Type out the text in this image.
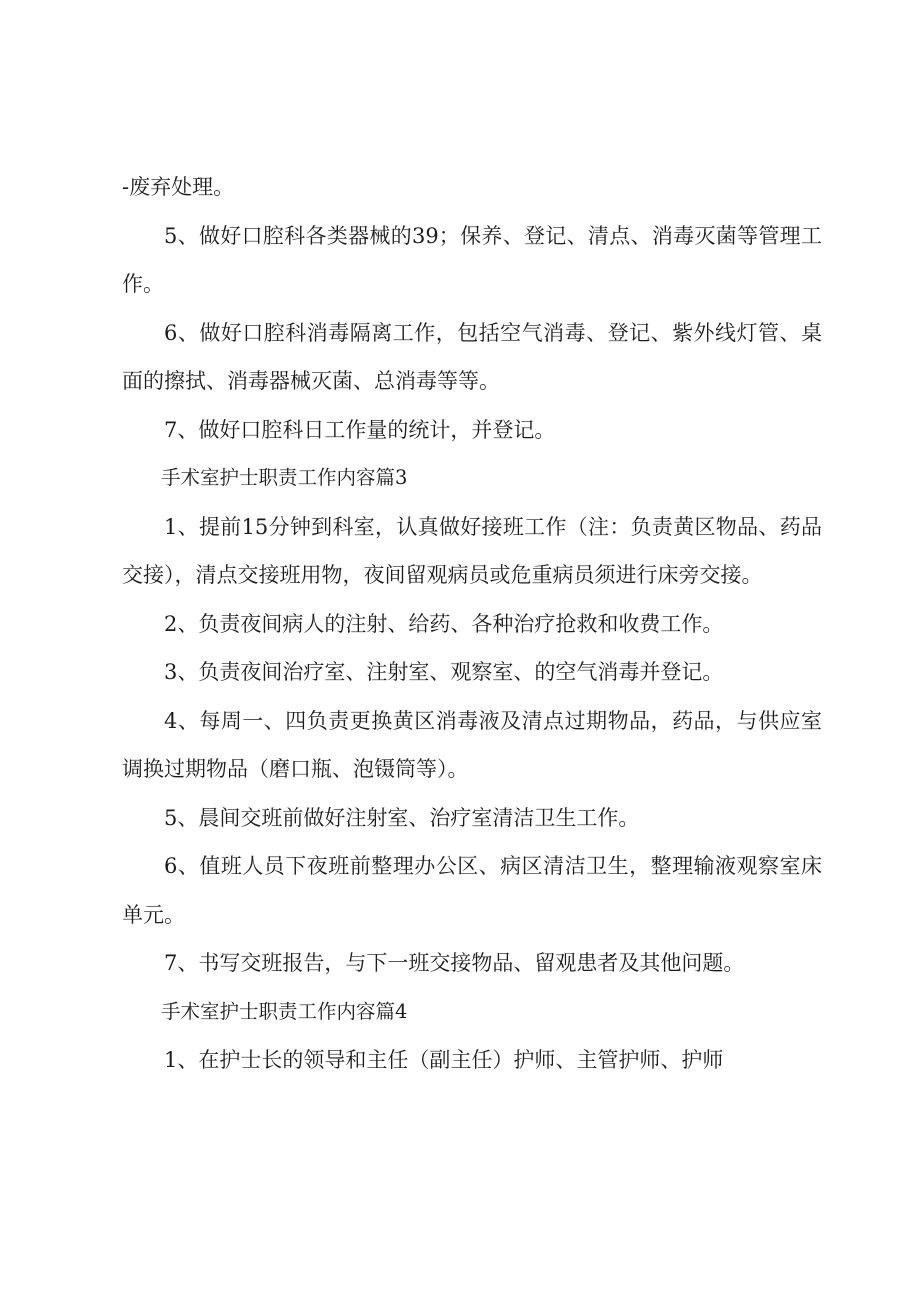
-废弃处理。

5、做好口腔科各类器械的39；保养、登记、清点、消毒灭菌等管理工作。

6、做好口腔科消毒隔离工作，包括空气消毒、登记、紫外线灯管、桌面的擦拭、消毒器械灭菌、总消毒等等。

7、做好口腔科日工作量的统计，并登记。

手术室护士职责工作内容篇3

1、提前15分钟到科室，认真做好接班工作（注：负责黄区物品、药品交接），清点交接班用物，夜间留观病员或危重病员须进行床旁交接。

2、负责夜间病人的注射、给药、各种治疗抢救和收费工作。

3、负责夜间治疗室、注射室、观察室、的空气消毒并登记。

4、每周一、四负责更换黄区消毒液及清点过期物品，药品，与供应室调换过期物品（磨口瓶、泡镊筒等）。

5、晨间交班前做好注射室、治疗室清洁卫生工作。

6、值班人员下夜班前整理办公区、病区清洁卫生，整理输液观察室床单元。

7、书写交班报告，与下一班交接物品、留观患者及其他问题。

手术室护士职责工作内容篇4

1、在护士长的领导和主任（副主任）护师、主管护师、护师
